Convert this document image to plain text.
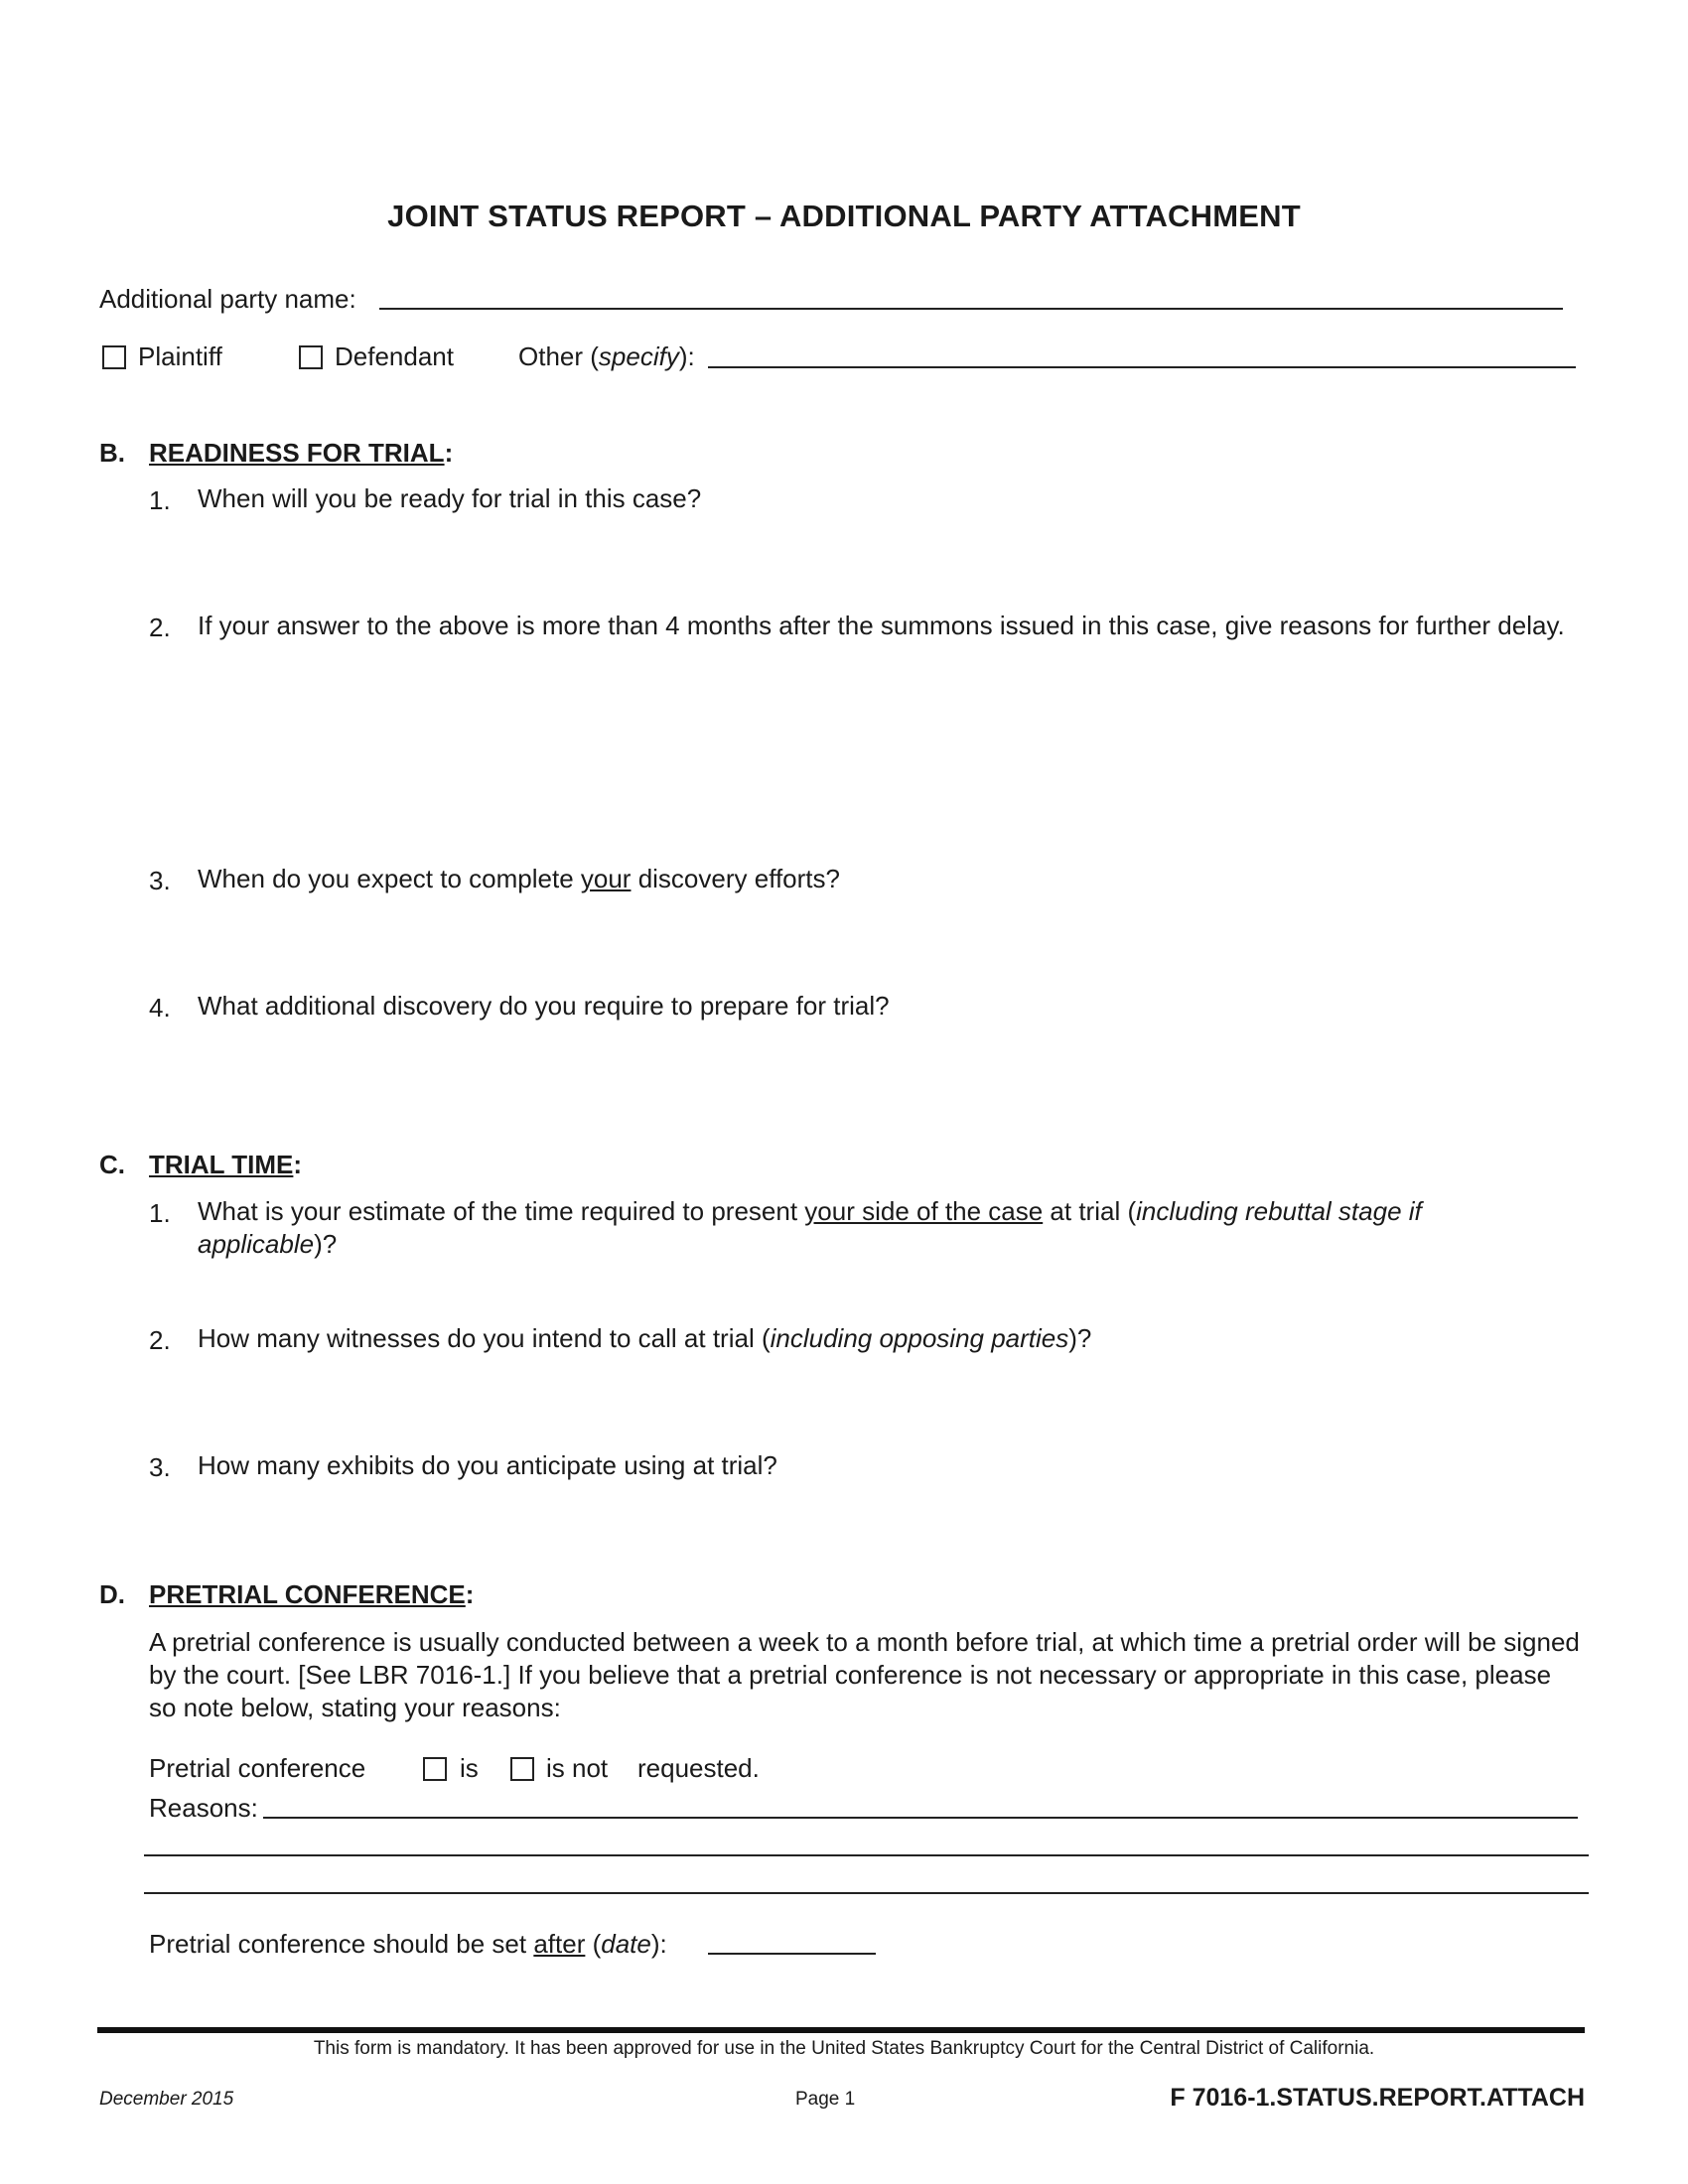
JOINT STATUS REPORT – ADDITIONAL PARTY ATTACHMENT
Additional party name:
Plaintiff	Defendant	Other (specify):
B. READINESS FOR TRIAL:
1. When will you be ready for trial in this case?
2. If your answer to the above is more than 4 months after the summons issued in this case, give reasons for further delay.
3. When do you expect to complete your discovery efforts?
4. What additional discovery do you require to prepare for trial?
C. TRIAL TIME:
1. What is your estimate of the time required to present your side of the case at trial (including rebuttal stage if applicable)?
2. How many witnesses do you intend to call at trial (including opposing parties)?
3. How many exhibits do you anticipate using at trial?
D. PRETRIAL CONFERENCE:
A pretrial conference is usually conducted between a week to a month before trial, at which time a pretrial order will be signed by the court. [See LBR 7016-1.] If you believe that a pretrial conference is not necessary or appropriate in this case, please so note below, stating your reasons:
Pretrial conference	is	is not requested.
Reasons:
Pretrial conference should be set after (date):
This form is mandatory. It has been approved for use in the United States Bankruptcy Court for the Central District of California.
December 2015	Page 1	F 7016-1.STATUS.REPORT.ATTACH
